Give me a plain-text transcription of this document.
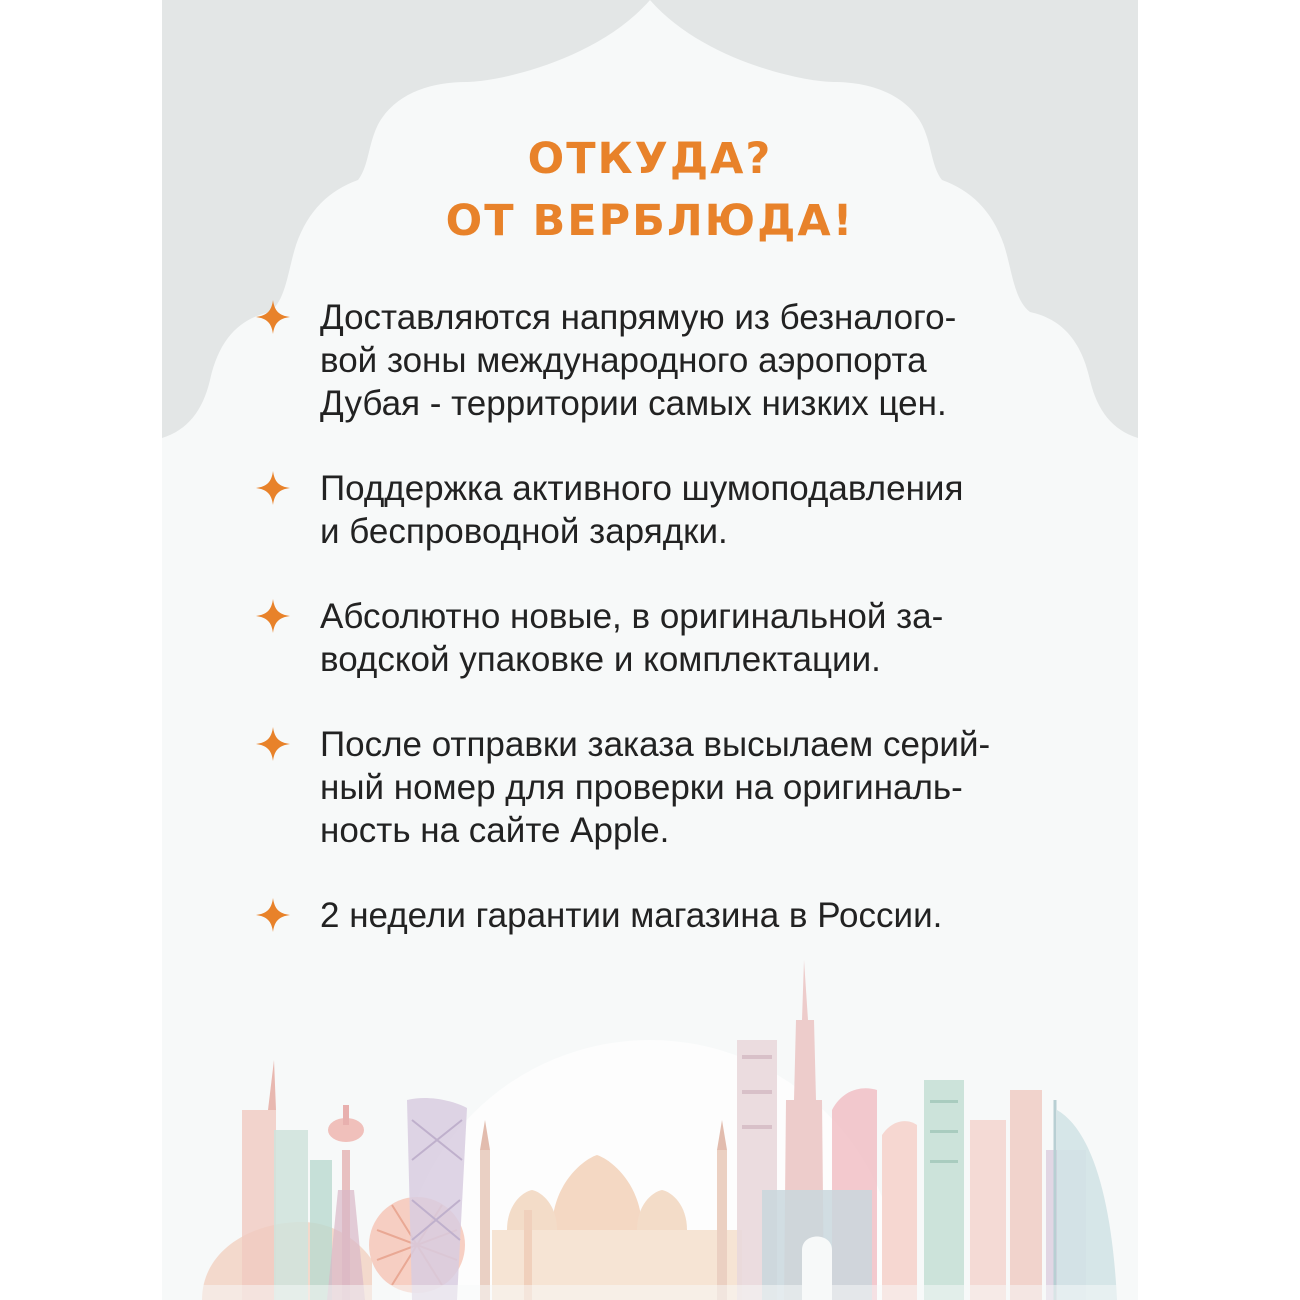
ОТКУДА?
ОТ ВЕРБЛЮДА!
Доставляются напрямую из безналого-
вой зоны международного аэропорта
Дубая - территории самых низких цен.
Поддержка активного шумоподавления
и беспроводной зарядки.
Абсолютно новые, в оригинальной за-
водской упаковке и комплектации.
После отправки заказа высылаем серий-
ный номер для проверки на оригиналь-
ность на сайте Apple.
2 недели гарантии магазина в России.
